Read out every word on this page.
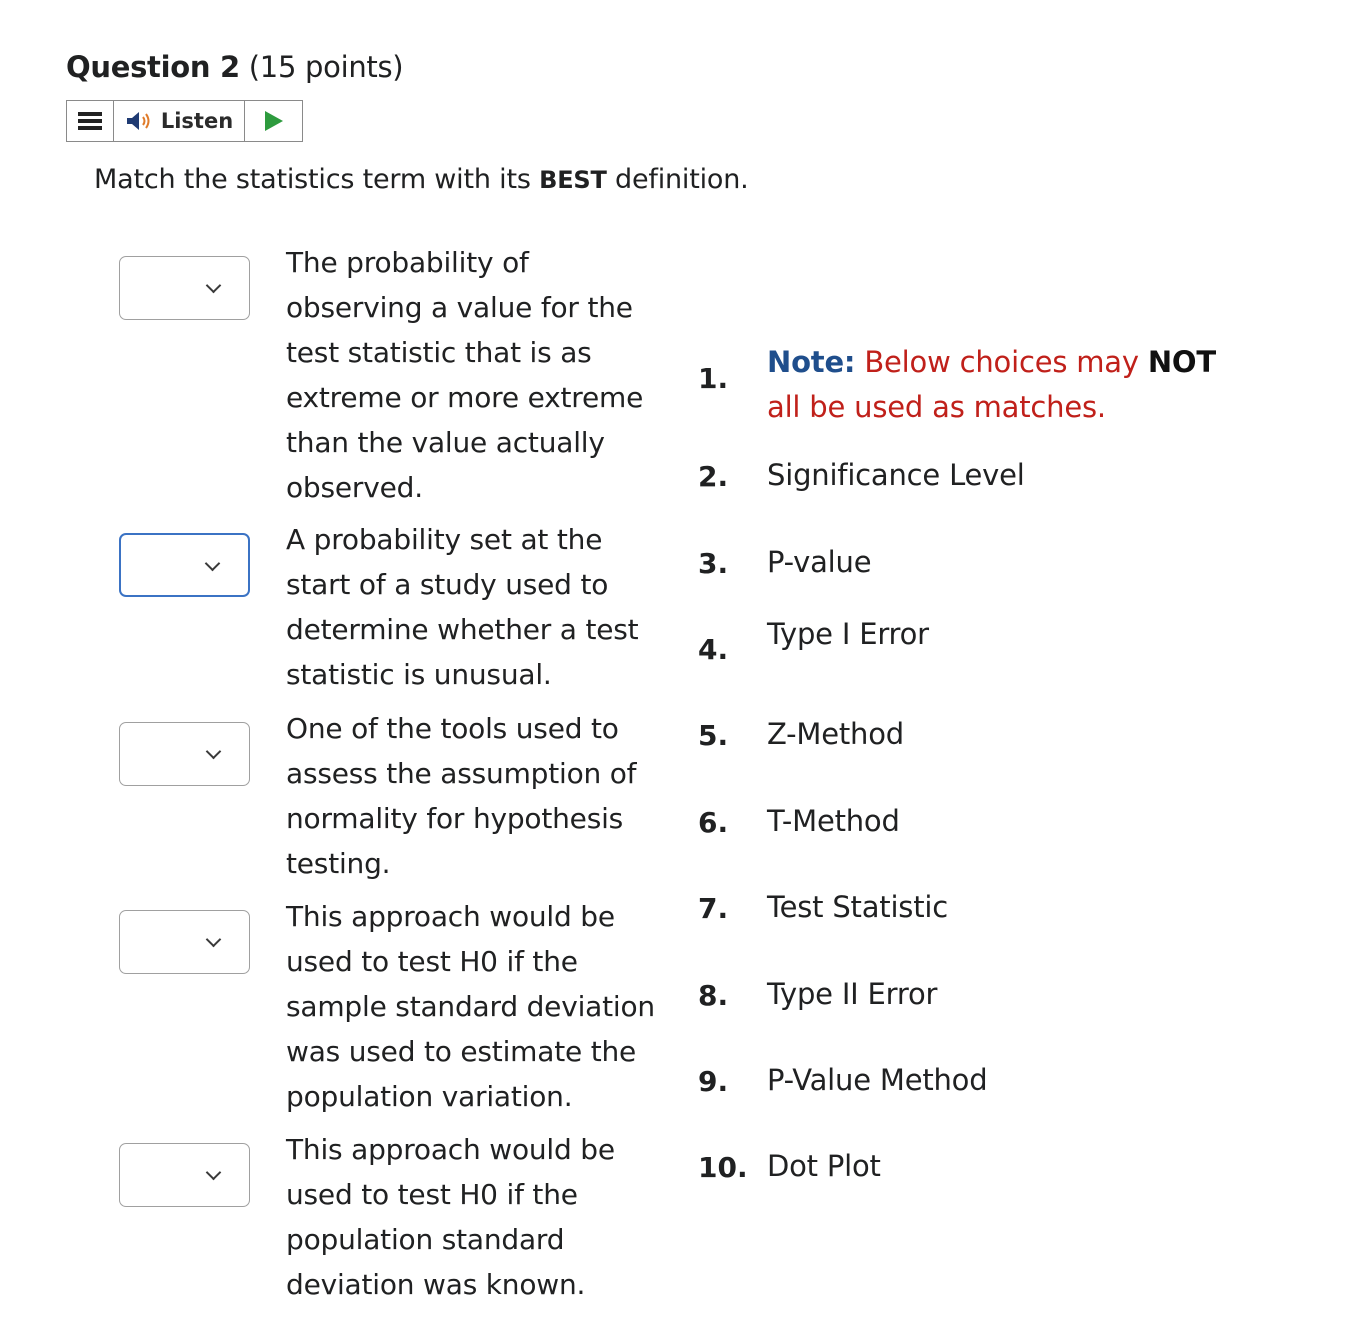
Question 2 (15 points)
Listen
Match the statistics term with its BEST definition.
The probability of observing a value for the test statistic that is as extreme or more extreme than the value actually observed.
A probability set at the start of a study used to determine whether a test statistic is unusual.
One of the tools used to assess the assumption of normality for hypothesis testing.
This approach would be used to test H0 if the sample standard deviation was used to estimate the population variation.
This approach would be used to test H0 if the population standard deviation was known.
1. Note: Below choices may NOT all be used as matches.
2. Significance Level
3. P-value
4. Type I Error
5. Z-Method
6. T-Method
7. Test Statistic
8. Type II Error
9. P-Value Method
10. Dot Plot
